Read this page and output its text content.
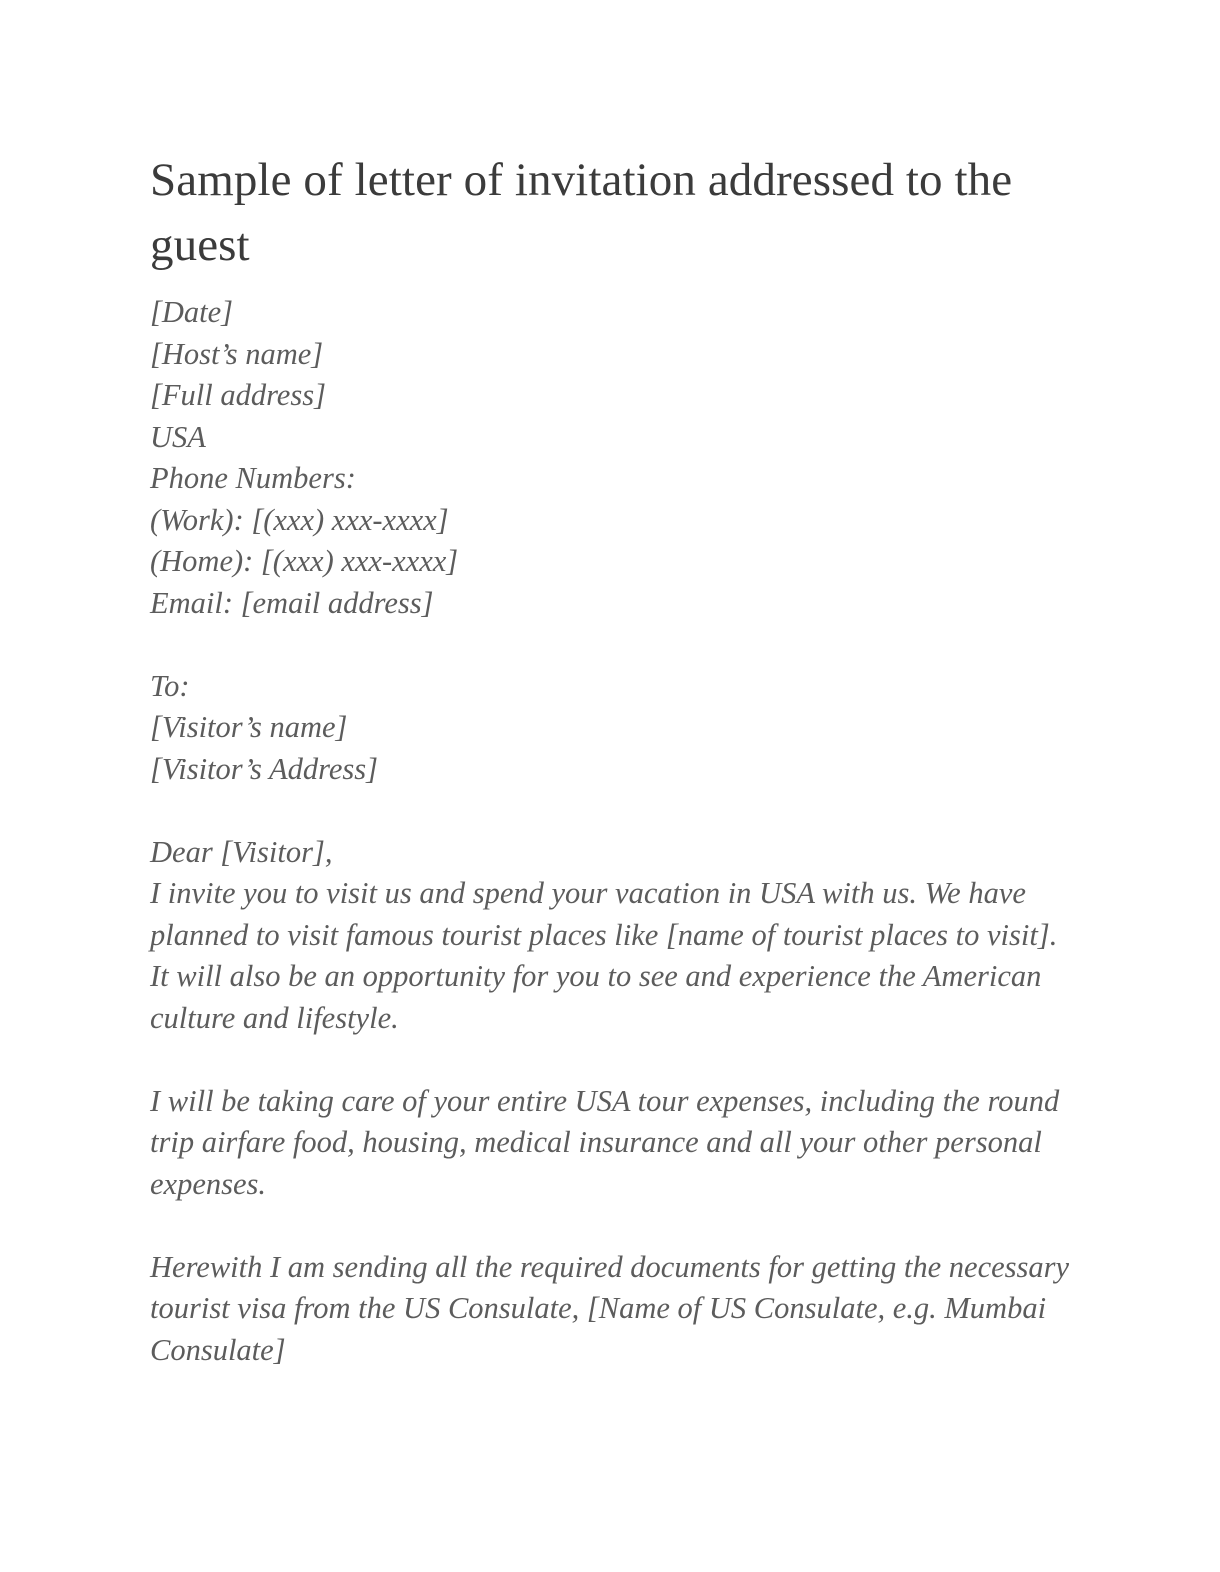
Sample of letter of invitation addressed to the guest
[Date]
[Host’s name]
[Full address]
USA
Phone Numbers:
(Work): [(xxx) xxx-xxxx]
(Home): [(xxx) xxx-xxxx]
Email: [email address]
To:
[Visitor’s name]
[Visitor’s Address]
Dear [Visitor],
I invite you to visit us and spend your vacation in USA with us. We have planned to visit famous tourist places like [name of tourist places to visit]. It will also be an opportunity for you to see and experience the American culture and lifestyle.
I will be taking care of your entire USA tour expenses, including the round trip airfare food, housing, medical insurance and all your other personal expenses.
Herewith I am sending all the required documents for getting the necessary tourist visa from the US Consulate, [Name of US Consulate, e.g. Mumbai Consulate]
